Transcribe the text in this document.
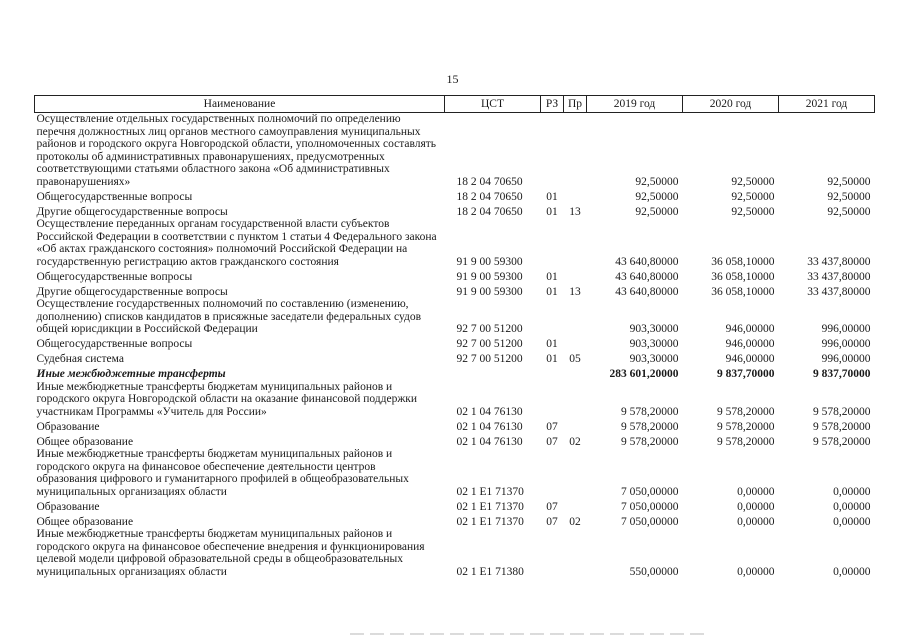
15
Наименование	ЦСТ	РЗ	Пр	2019 год	2020 год	2021 год
Осуществление отдельных государственных полномочий по определению перечня должностных лиц органов местного самоуправления муниципальных районов и городского округа Новгородской области, уполномоченных составлять протоколы об административных правонарушениях, предусмотренных соответствующими статьями областного закона «Об административных правонарушениях»	18 2 04 70650			92,50000	92,50000	92,50000
Общегосударственные вопросы	18 2 04 70650	01		92,50000	92,50000	92,50000
Другие общегосударственные вопросы	18 2 04 70650	01	13	92,50000	92,50000	92,50000
Осуществление переданных органам государственной власти субъектов Российской Федерации в соответствии с пунктом 1 статьи 4 Федерального закона «Об актах гражданского состояния» полномочий Российской Федерации на государственную регистрацию актов гражданского состояния	91 9 00 59300			43 640,80000	36 058,10000	33 437,80000
Общегосударственные вопросы	91 9 00 59300	01		43 640,80000	36 058,10000	33 437,80000
Другие общегосударственные вопросы	91 9 00 59300	01	13	43 640,80000	36 058,10000	33 437,80000
Осуществление государственных полномочий по составлению (изменению, дополнению) списков кандидатов в присяжные заседатели федеральных судов общей юрисдикции в Российской Федерации	92 7 00 51200			903,30000	946,00000	996,00000
Общегосударственные вопросы	92 7 00 51200	01		903,30000	946,00000	996,00000
Судебная система	92 7 00 51200	01	05	903,30000	946,00000	996,00000
Иные межбюджетные трансферты				283 601,20000	9 837,70000	9 837,70000
Иные межбюджетные трансферты бюджетам муниципальных районов и городского округа Новгородской области на оказание финансовой поддержки участникам Программы «Учитель для России»	02 1 04 76130			9 578,20000	9 578,20000	9 578,20000
Образование	02 1 04 76130	07		9 578,20000	9 578,20000	9 578,20000
Общее образование	02 1 04 76130	07	02	9 578,20000	9 578,20000	9 578,20000
Иные межбюджетные трансферты бюджетам муниципальных районов и городского округа на финансовое обеспечение деятельности центров образования цифрового и гуманитарного профилей в общеобразовательных муниципальных организациях области	02 1 E1 71370			7 050,00000	0,00000	0,00000
Образование	02 1 E1 71370	07		7 050,00000	0,00000	0,00000
Общее образование	02 1 E1 71370	07	02	7 050,00000	0,00000	0,00000
Иные межбюджетные трансферты бюджетам муниципальных районов и городского округа на финансовое обеспечение внедрения и функционирования целевой модели цифровой образовательной среды в общеобразовательных муниципальных организациях области	02 1 E1 71380			550,00000	0,00000	0,00000
